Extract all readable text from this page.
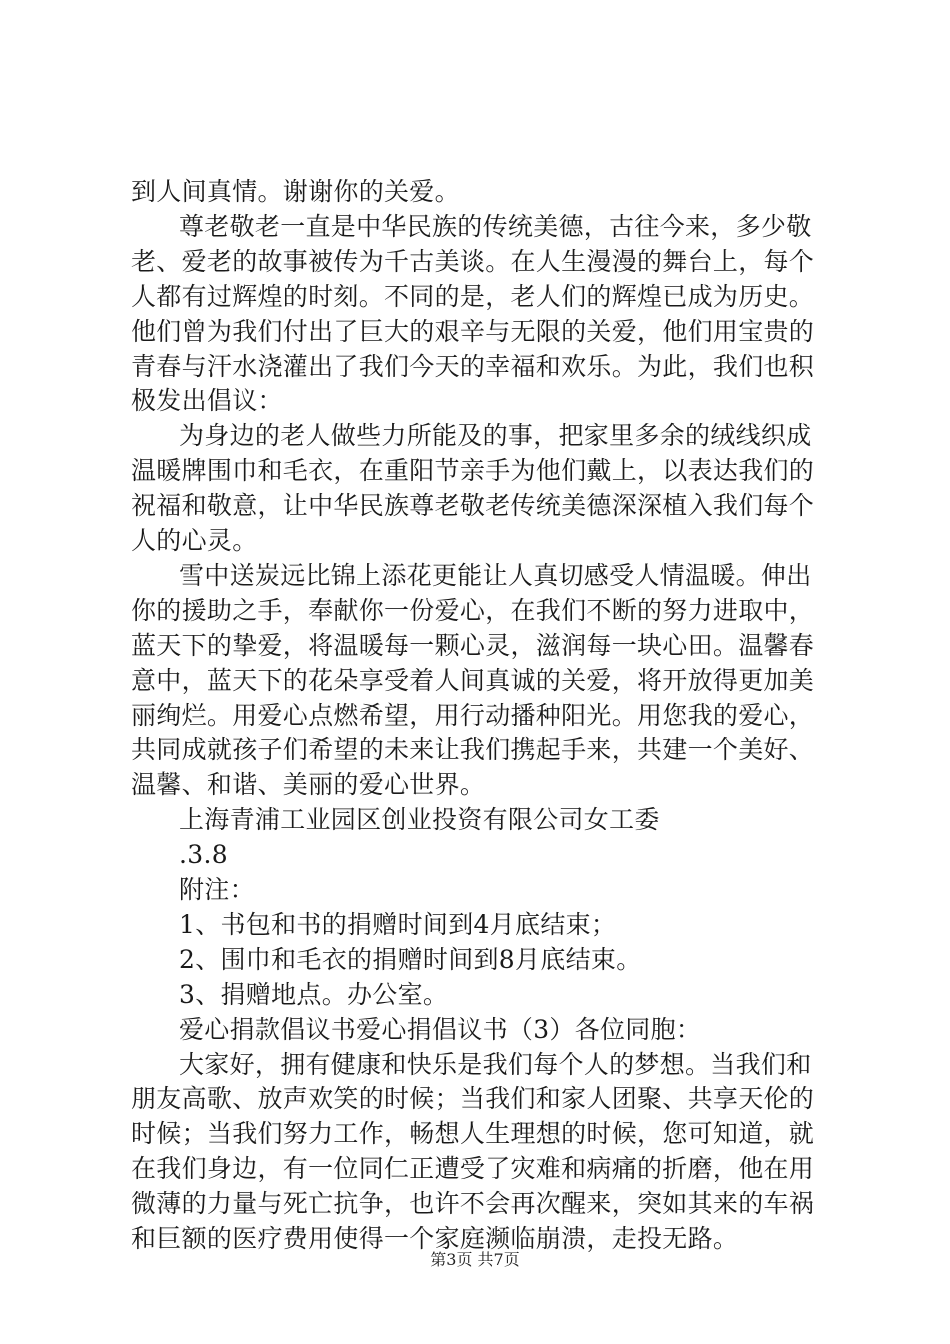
到人间真情。谢谢你的关爱。
尊老敬老一直是中华民族的传统美德，古往今来，多少敬
老、爱老的故事被传为千古美谈。在人生漫漫的舞台上，每个
人都有过辉煌的时刻。不同的是，老人们的辉煌已成为历史。
他们曾为我们付出了巨大的艰辛与无限的关爱，他们用宝贵的
青春与汗水浇灌出了我们今天的幸福和欢乐。为此，我们也积
极发出倡议：
为身边的老人做些力所能及的事，把家里多余的绒线织成
温暖牌围巾和毛衣，在重阳节亲手为他们戴上，以表达我们的
祝福和敬意，让中华民族尊老敬老传统美德深深植入我们每个
人的心灵。
雪中送炭远比锦上添花更能让人真切感受人情温暖。伸出
你的援助之手，奉献你一份爱心，在我们不断的努力进取中，
蓝天下的挚爱，将温暖每一颗心灵，滋润每一块心田。温馨春
意中，蓝天下的花朵享受着人间真诚的关爱，将开放得更加美
丽绚烂。用爱心点燃希望，用行动播种阳光。用您我的爱心，
共同成就孩子们希望的未来让我们携起手来，共建一个美好、
温馨、和谐、美丽的爱心世界。
上海青浦工业园区创业投资有限公司女工委
.3.8
附注：
1、书包和书的捐赠时间到4月底结束；
2、围巾和毛衣的捐赠时间到8月底结束。
3、捐赠地点。办公室。
爱心捐款倡议书爱心捐倡议书（3）各位同胞：
大家好，拥有健康和快乐是我们每个人的梦想。当我们和
朋友高歌、放声欢笑的时候；当我们和家人团聚、共享天伦的
时候；当我们努力工作，畅想人生理想的时候，您可知道，就
在我们身边，有一位同仁正遭受了灾难和病痛的折磨，他在用
微薄的力量与死亡抗争，也许不会再次醒来，突如其来的车祸
和巨额的医疗费用使得一个家庭濒临崩溃，走投无路。
第3页 共7页
